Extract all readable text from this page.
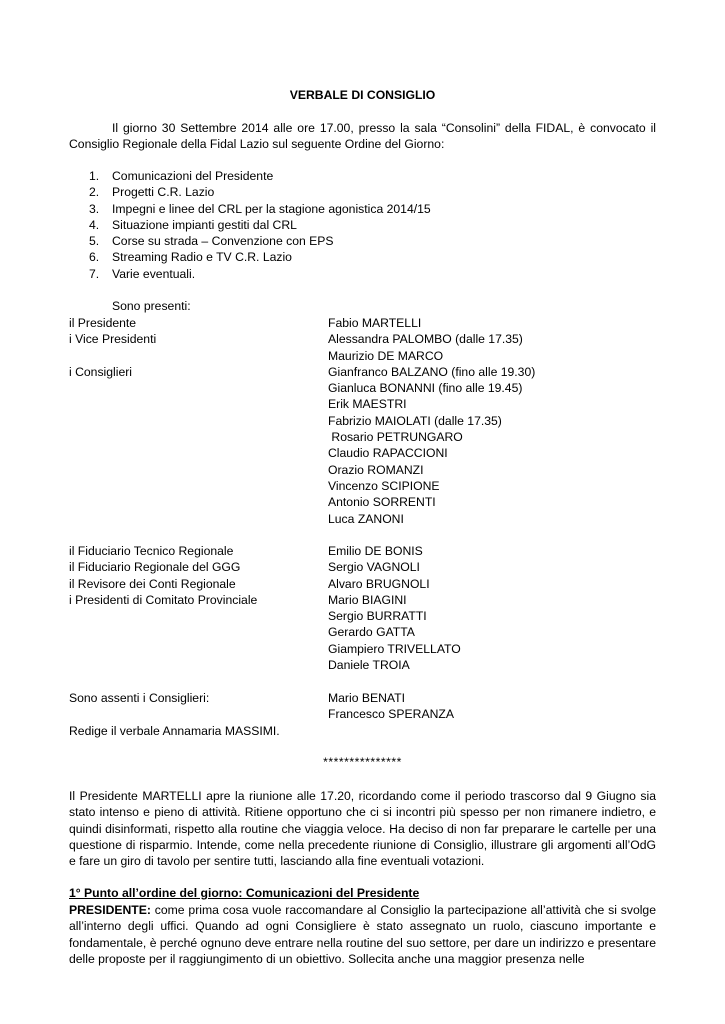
VERBALE DI CONSIGLIO

Il giorno 30 Settembre 2014 alle ore 17.00, presso la sala “Consolini” della FIDAL, è convocato il Consiglio Regionale della Fidal Lazio sul seguente Ordine del Giorno:

1. Comunicazioni del Presidente
2. Progetti C.R. Lazio
3. Impegni e linee del CRL per la stagione agonistica 2014/15
4. Situazione impianti gestiti dal CRL
5. Corse su strada – Convenzione con EPS
6. Streaming Radio e TV C.R. Lazio
7. Varie eventuali.

Sono presenti:

il Presidente	Fabio MARTELLI
i Vice Presidenti	Alessandra PALOMBO (dalle 17.35)
Maurizio DE MARCO
i Consiglieri	Gianfranco BALZANO (fino alle 19.30)
Gianluca BONANNI (fino alle 19.45)
Erik MAESTRI
Fabrizio MAIOLATI (dalle 17.35)
Rosario PETRUNGARO
Claudio RAPACCIONI
Orazio ROMANZI
Vincenzo SCIPIONE
Antonio SORRENTI
Luca ZANONI
il Fiduciario Tecnico Regionale	Emilio DE BONIS
il Fiduciario Regionale del GGG	Sergio VAGNOLI
il Revisore dei Conti Regionale	Alvaro BRUGNOLI
i Presidenti di Comitato Provinciale	Mario BIAGINI
Sergio BURRATTI
Gerardo GATTA
Giampiero TRIVELLATO
Daniele TROIA
Sono assenti i Consiglieri:	Mario BENATI
Francesco SPERANZA

Redige il verbale Annamaria MASSIMI.

***************

Il Presidente MARTELLI apre la riunione alle 17.20, ricordando come il periodo trascorso dal 9 Giugno sia stato intenso e pieno di attività. Ritiene opportuno che ci si incontri più spesso per non rimanere indietro, e quindi disinformati, rispetto alla routine che viaggia veloce. Ha deciso di non far preparare le cartelle per una questione di risparmio. Intende, come nella precedente riunione di Consiglio, illustrare gli argomenti all’OdG e fare un giro di tavolo per sentire tutti, lasciando alla fine eventuali votazioni.

1° Punto all’ordine del giorno: Comunicazioni del Presidente

PRESIDENTE: come prima cosa vuole raccomandare al Consiglio la partecipazione all’attività che si svolge all’interno degli uffici. Quando ad ogni Consigliere è stato assegnato un ruolo, ciascuno importante e fondamentale, è perché ognuno deve entrare nella routine del suo settore, per dare un indirizzo e presentare delle proposte per il raggiungimento di un obiettivo. Sollecita anche una maggior presenza nelle
